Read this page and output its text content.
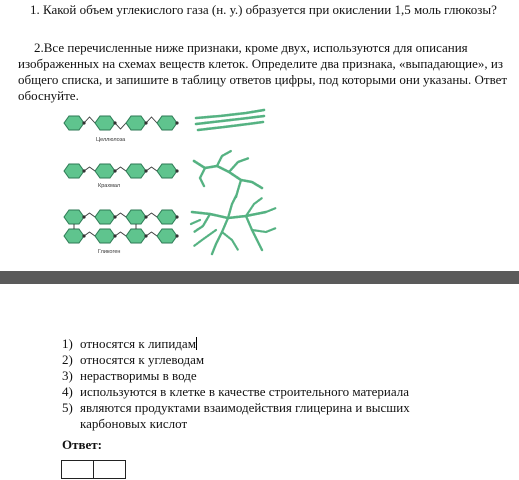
1. Какой объем углекислого газа (н. у.) образуется при окислении 1,5 моль глюкозы?
2.Все перечисленные ниже признаки, кроме двух, используются для описания изображенных на схемах веществ клеток. Определите два признака, «выпадающие», из общего списка, и запишите в таблицу ответов цифры, под которыми они указаны. Ответ обоснуйте.
Целлюлоза
Крахмал
Гликоген
1) относятся к липидам
2) относятся к углеводам
3) нерастворимы в воде
4) используются в клетке в качестве строительного материала
5) являются продуктами взаимодействия глицерина и высших
карбоновых кислот
Ответ:
